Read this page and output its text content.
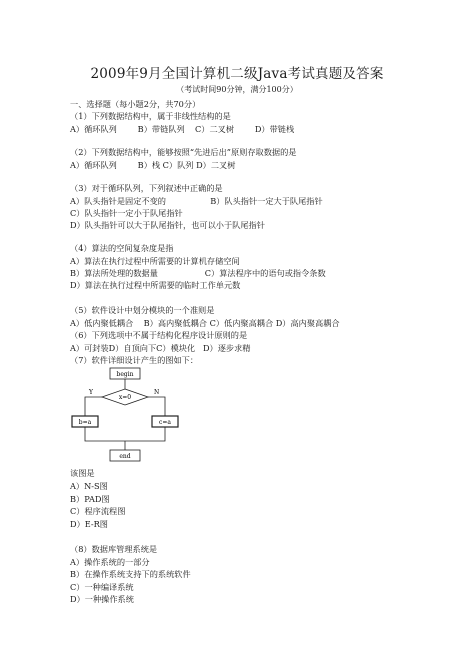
2009年9月全国计算机二级Java考试真题及答案
（考试时间90分钟，满分100分）
一、选择题（每小题2分，共70分）
（1）下列数据结构中，属于非线性结构的是
A）循环队列        B）带链队列    C）二叉树        D）带链栈
（2）下列数据结构中，能够按照“先进后出”原则存取数据的是
A）循环队列        B）栈 C）队列 D）二叉树
（3）对于循环队列，下列叙述中正确的是
A）队头指针是固定不变的                 B）队头指针一定大于队尾指针
C）队头指针一定小于队尾指针
D）队头指针可以大于队尾指针，也可以小于队尾指针
（4）算法的空间复杂度是指
A）算法在执行过程中所需要的计算机存储空间
B）算法所处理的数据量                  C）算法程序中的语句或指令条数
D）算法在执行过程中所需要的临时工作单元数
（5）软件设计中划分模块的一个准则是
A）低内聚低耦合    B）高内聚低耦合 C）低内聚高耦合 D）高内聚高耦合
（6）下列选项中不属于结构化程序设计原则的是
A）可封装D）自顶向下C）模块化   D）逐步求精
（7）软件详细设计产生的图如下：
begin
x=0
Y	N
b=a	c=a
end
该图是
A）N-S图
B）PAD图
C）程序流程图
D）E-R图
（8）数据库管理系统是
A）操作系统的一部分
B）在操作系统支持下的系统软件
C）一种编译系统
D）一种操作系统
